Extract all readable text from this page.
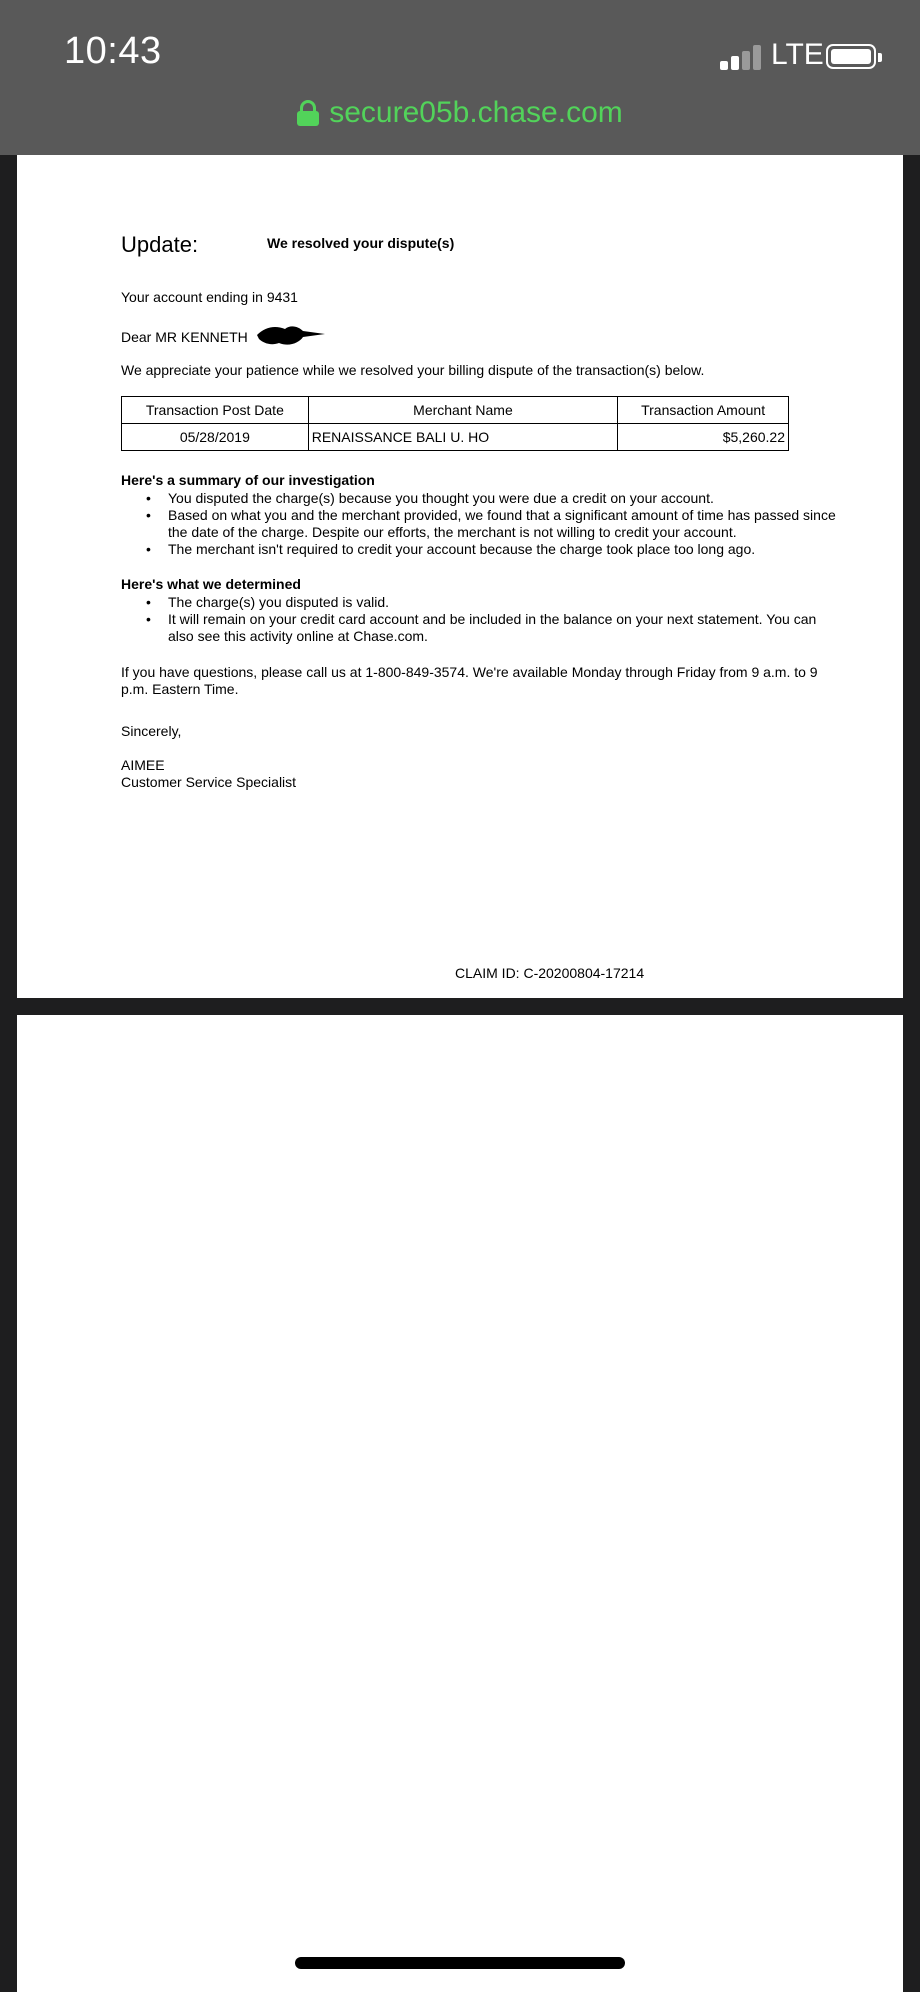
10:43	LTE
secure05b.chase.com
Update:	We resolved your dispute(s)
Your account ending in 9431
Dear MR KENNETH
We appreciate your patience while we resolved your billing dispute of the transaction(s) below.
Transaction Post Date	Merchant Name	Transaction Amount
05/28/2019	RENAISSANCE BALI U. HO	$5,260.22
Here's a summary of our investigation
• You disputed the charge(s) because you thought you were due a credit on your account.
• Based on what you and the merchant provided, we found that a significant amount of time has passed since the date of the charge. Despite our efforts, the merchant is not willing to credit your account.
• The merchant isn't required to credit your account because the charge took place too long ago.
Here's what we determined
• The charge(s) you disputed is valid.
• It will remain on your credit card account and be included in the balance on your next statement. You can also see this activity online at Chase.com.
If you have questions, please call us at 1-800-849-3574. We're available Monday through Friday from 9 a.m. to 9 p.m. Eastern Time.
Sincerely,
AIMEE
Customer Service Specialist
CLAIM ID: C-20200804-17214
